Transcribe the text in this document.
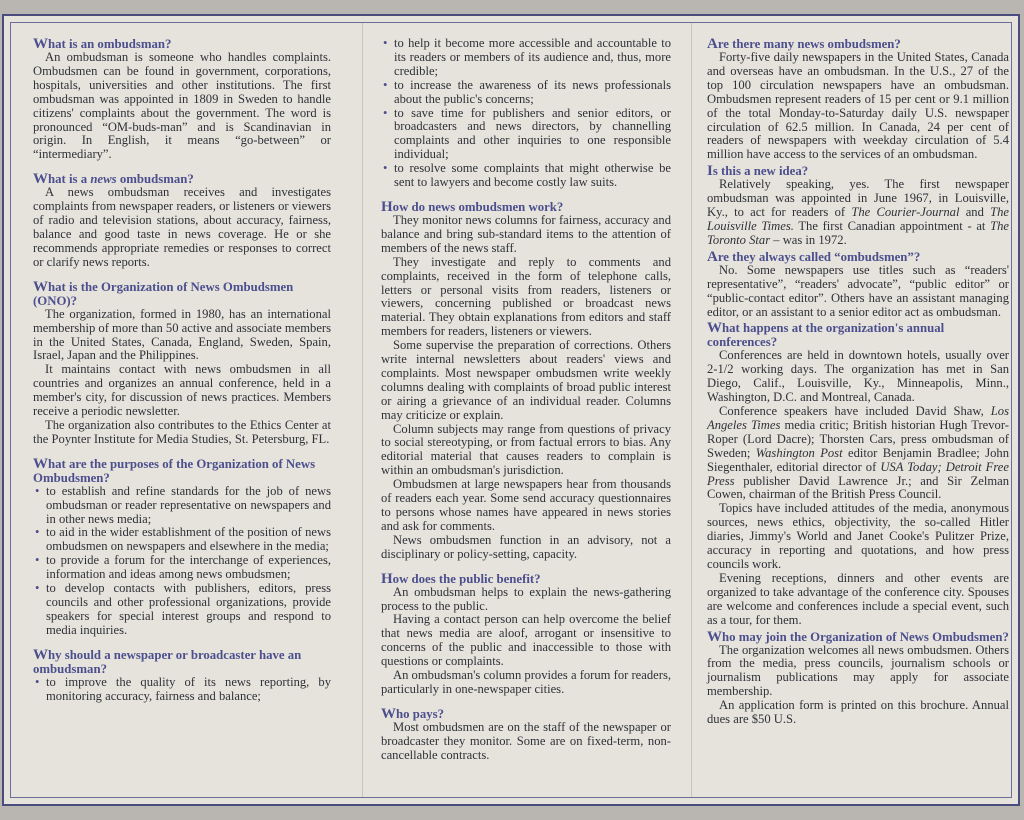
What is an ombudsman?

An ombudsman is someone who handles complaints. Ombudsmen can be found in government, corporations, hospitals, universities and other institutions. The first ombudsman was appointed in 1809 in Sweden to handle citizens' complaints about the government. The word is pronounced “OM-buds-man” and is Scandinavian in origin. In English, it means “go-between” or “intermediary”.

What is a news ombudsman?

A news ombudsman receives and investigates complaints from newspaper readers, or listeners or viewers of radio and television stations, about accuracy, fairness, balance and good taste in news coverage. He or she recommends appropriate remedies or responses to correct or clarify news reports.

What is the Organization of News Ombudsmen (ONO)?

The organization, formed in 1980, has an international membership of more than 50 active and associate members in the United States, Canada, England, Sweden, Spain, Israel, Japan and the Philippines.

It maintains contact with news ombudsmen in all countries and organizes an annual conference, held in a member's city, for discussion of news practices. Members receive a periodic newsletter.

The organization also contributes to the Ethics Center at the Poynter Institute for Media Studies, St. Petersburg, FL.

What are the purposes of the Organization of News Ombudsmen?
• to establish and refine standards for the job of news ombudsman or reader representative on newspapers and in other news media;
• to aid in the wider establishment of the position of news ombudsmen on newspapers and elsewhere in the media;
• to provide a forum for the interchange of experiences, information and ideas among news ombudsmen;
• to develop contacts with publishers, editors, press councils and other professional organizations, provide speakers for special interest groups and respond to media inquiries.
Why should a newspaper or broadcaster have an ombudsman?
• to improve the quality of its news reporting, by monitoring accuracy, fairness and balance;
• to help it become more accessible and accountable to its readers or members of its audience and, thus, more credible;
• to increase the awareness of its news professionals about the public's concerns;
• to save time for publishers and senior editors, or broadcasters and news directors, by channelling complaints and other inquiries to one responsible individual;
• to resolve some complaints that might otherwise be sent to lawyers and become costly law suits.
How do news ombudsmen work?

They monitor news columns for fairness, accuracy and balance and bring sub-standard items to the attention of members of the news staff.

They investigate and reply to comments and complaints, received in the form of telephone calls, letters or personal visits from readers, listeners or viewers, concerning published or broadcast news material. They obtain explanations from editors and staff members for readers, listeners or viewers.

Some supervise the preparation of corrections. Others write internal newsletters about readers' views and complaints. Most newspaper ombudsmen write weekly columns dealing with complaints of broad public interest or airing a grievance of an individual reader. Columns may criticize or explain.

Column subjects may range from questions of privacy to social stereotyping, or from factual errors to bias. Any editorial material that causes readers to complain is within an ombudsman's jurisdiction.

Ombudsmen at large newspapers hear from thousands of readers each year. Some send accuracy questionnaires to persons whose names have appeared in news stories and ask for comments.

News ombudsmen function in an advisory, not a disciplinary or policy-setting, capacity.

How does the public benefit?

An ombudsman helps to explain the news-gathering process to the public.

Having a contact person can help overcome the belief that news media are aloof, arrogant or insensitive to concerns of the public and inaccessible to those with questions or complaints.

An ombudsman's column provides a forum for readers, particularly in one-newspaper cities.

Who pays?

Most ombudsmen are on the staff of the newspaper or broadcaster they monitor. Some are on fixed-term, non-cancellable contracts.

Are there many news ombudsmen?

Forty-five daily newspapers in the United States, Canada and overseas have an ombudsman. In the U.S., 27 of the top 100 circulation newspapers have an ombudsman. Ombudsmen represent readers of 15 per cent or 9.1 million of the total Monday-to-Saturday daily U.S. newspaper circulation of 62.5 million. In Canada, 24 per cent of readers of newspapers with weekday circulation of 5.4 million have access to the services of an ombudsman.

Is this a new idea?

Relatively speaking, yes. The first newspaper ombudsman was appointed in June 1967, in Louisville, Ky., to act for readers of The Courier-Journal and The Louisville Times. The first Canadian appointment - at The Toronto Star – was in 1972.

Are they always called “ombudsmen”?

No. Some newspapers use titles such as “readers' representative”, “readers' advocate”, “public editor” or “public-contact editor”. Others have an assistant managing editor, or an assistant to a senior editor act as ombudsman.

What happens at the organization's annual conferences?

Conferences are held in downtown hotels, usually over 2-1/2 working days. The organization has met in San Diego, Calif., Louisville, Ky., Minneapolis, Minn., Washington, D.C. and Montreal, Canada.

Conference speakers have included David Shaw, Los Angeles Times media critic; British historian Hugh Trevor-Roper (Lord Dacre); Thorsten Cars, press ombudsman of Sweden; Washington Post editor Benjamin Bradlee; John Siegenthaler, editorial director of USA Today; Detroit Free Press publisher David Lawrence Jr.; and Sir Zelman Cowen, chairman of the British Press Council.

Topics have included attitudes of the media, anonymous sources, news ethics, objectivity, the so-called Hitler diaries, Jimmy's World and Janet Cooke's Pulitzer Prize, accuracy in reporting and quotations, and how press councils work.

Evening receptions, dinners and other events are organized to take advantage of the conference city. Spouses are welcome and conferences include a special event, such as a tour, for them.

Who may join the Organization of News Ombudsmen?

The organization welcomes all news ombudsmen. Others from the media, press councils, journalism schools or journalism publications may apply for associate membership.

An application form is printed on this brochure. Annual dues are $50 U.S.
